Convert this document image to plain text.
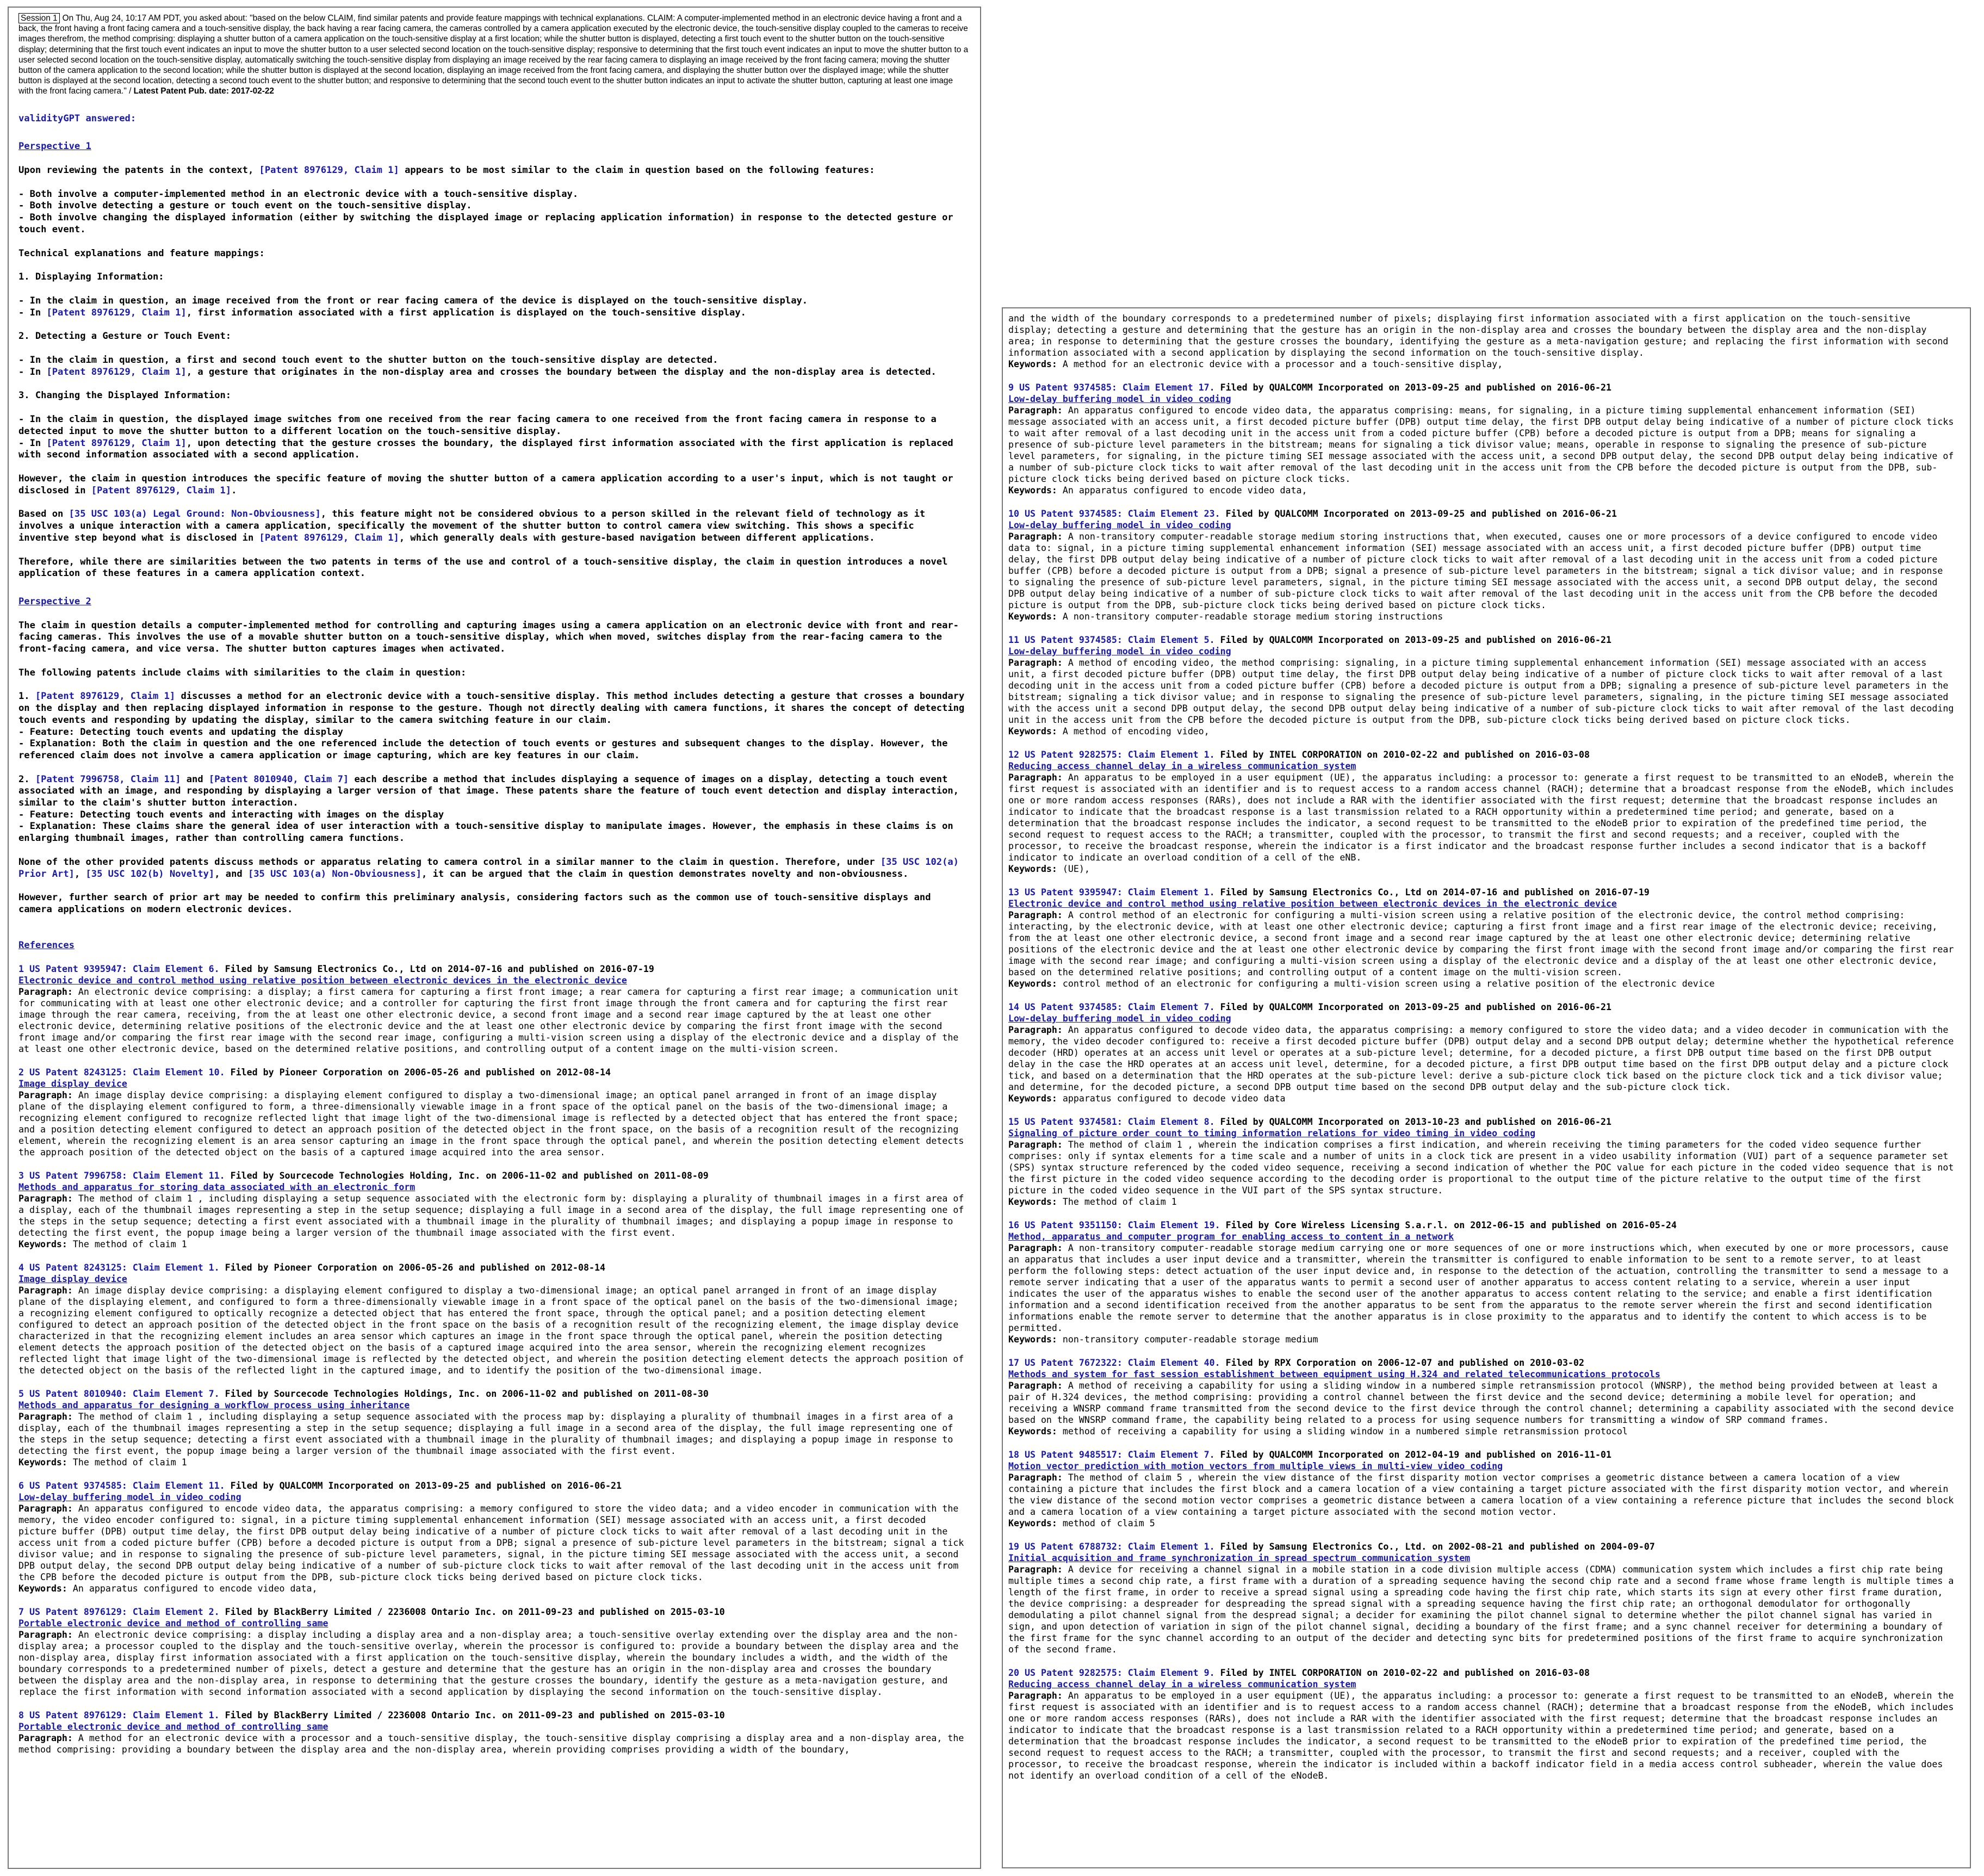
Session 1 On Thu, Aug 24, 10:17 AM PDT, you asked about: "based on the below CLAIM, find similar patents and provide feature mappings with technical explanations. CLAIM: A computer-implemented method in an electronic device having a front and a back, the front having a front facing camera and a touch-sensitive display, the back having a rear facing camera, the cameras controlled by a camera application executed by the electronic device, the touch-sensitive display coupled to the cameras to receive images therefrom, the method comprising: displaying a shutter button of a camera application on the touch-sensitive display at a first location; while the shutter button is displayed, detecting a first touch event to the shutter button on the touch-sensitive display; determining that the first touch event indicates an input to move the shutter button to a user selected second location on the touch-sensitive display; responsive to determining that the first touch event indicates an input to move the shutter button to a user selected second location on the touch-sensitive display, automatically switching the touch-sensitive display from displaying an image received by the rear facing camera to displaying an image received by the front facing camera; moving the shutter button of the camera application to the second location; while the shutter button is displayed at the second location, displaying an image received from the front facing camera, and displaying the shutter button over the displayed image; while the shutter button is displayed at the second location, detecting a second touch event to the shutter button; and responsive to determining that the second touch event to the shutter button indicates an input to activate the shutter button, capturing at least one image with the front facing camera." / Latest Patent Pub. date: 2017-02-22
validityGPT answered:
Perspective 1
Upon reviewing the patents in the context, [Patent 8976129, Claim 1] appears to be most similar to the claim in question based on the following features:
- Both involve a computer-implemented method in an electronic device with a touch-sensitive display.
- Both involve detecting a gesture or touch event on the touch-sensitive display.
- Both involve changing the displayed information (either by switching the displayed image or replacing application information) in response to the detected gesture or touch event.
Technical explanations and feature mappings:
1. Displaying Information:
- In the claim in question, an image received from the front or rear facing camera of the device is displayed on the touch-sensitive display.
- In [Patent 8976129, Claim 1], first information associated with a first application is displayed on the touch-sensitive display.
2. Detecting a Gesture or Touch Event:
- In the claim in question, a first and second touch event to the shutter button on the touch-sensitive display are detected.
- In [Patent 8976129, Claim 1], a gesture that originates in the non-display area and crosses the boundary between the display and the non-display area is detected.
3. Changing the Displayed Information:
- In the claim in question, the displayed image switches from one received from the rear facing camera to one received from the front facing camera in response to a detected input to move the shutter button to a different location on the touch-sensitive display.
- In [Patent 8976129, Claim 1], upon detecting that the gesture crosses the boundary, the displayed first information associated with the first application is replaced with second information associated with a second application.
However, the claim in question introduces the specific feature of moving the shutter button of a camera application according to a user's input, which is not taught or disclosed in [Patent 8976129, Claim 1].
Based on [35 USC 103(a) Legal Ground: Non-Obviousness], this feature might not be considered obvious to a person skilled in the relevant field of technology as it involves a unique interaction with a camera application, specifically the movement of the shutter button to control camera view switching. This shows a specific inventive step beyond what is disclosed in [Patent 8976129, Claim 1], which generally deals with gesture-based navigation between different applications.
Therefore, while there are similarities between the two patents in terms of the use and control of a touch-sensitive display, the claim in question introduces a novel application of these features in a camera application context.
Perspective 2
The claim in question details a computer-implemented method for controlling and capturing images using a camera application on an electronic device with front and rear-facing cameras. This involves the use of a movable shutter button on a touch-sensitive display, which when moved, switches display from the rear-facing camera to the front-facing camera, and vice versa. The shutter button captures images when activated.
The following patents include claims with similarities to the claim in question:
1. [Patent 8976129, Claim 1] discusses a method for an electronic device with a touch-sensitive display. This method includes detecting a gesture that crosses a boundary on the display and then replacing displayed information in response to the gesture. Though not directly dealing with camera functions, it shares the concept of detecting touch events and responding by updating the display, similar to the camera switching feature in our claim.
- Feature: Detecting touch events and updating the display
- Explanation: Both the claim in question and the one referenced include the detection of touch events or gestures and subsequent changes to the display. However, the referenced claim does not involve a camera application or image capturing, which are key features in our claim.
2. [Patent 7996758, Claim 11] and [Patent 8010940, Claim 7] each describe a method that includes displaying a sequence of images on a display, detecting a touch event associated with an image, and responding by displaying a larger version of that image. These patents share the feature of touch event detection and display interaction, similar to the claim's shutter button interaction.
- Feature: Detecting touch events and interacting with images on the display
- Explanation: These claims share the general idea of user interaction with a touch-sensitive display to manipulate images. However, the emphasis in these claims is on enlarging thumbnail images, rather than controlling camera functions.
None of the other provided patents discuss methods or apparatus relating to camera control in a similar manner to the claim in question. Therefore, under [35 USC 102(a) Prior Art], [35 USC 102(b) Novelty], and [35 USC 103(a) Non-Obviousness], it can be argued that the claim in question demonstrates novelty and non-obviousness.
However, further search of prior art may be needed to confirm this preliminary analysis, considering factors such as the common use of touch-sensitive displays and camera applications on modern electronic devices.
References
1 US Patent 9395947: Claim Element 6. Filed by Samsung Electronics Co., Ltd on 2014-07-16 and published on 2016-07-19
Electronic device and control method using relative position between electronic devices in the electronic device
Paragraph: An electronic device comprising: a display; a first camera for capturing a first front image; a rear camera for capturing a first rear image; a communication unit for communicating with at least one other electronic device; and a controller for capturing the first front image through the front camera and for capturing the first rear image through the rear camera, receiving, from the at least one other electronic device, a second front image and a second rear image captured by the at least one other electronic device, determining relative positions of the electronic device and the at least one other electronic device by comparing the first front image with the second front image and/or comparing the first rear image with the second rear image, configuring a multi-vision screen using a display of the electronic device and a display of the at least one other electronic device, based on the determined relative positions, and controlling output of a content image on the multi-vision screen.
2 US Patent 8243125: Claim Element 10. Filed by Pioneer Corporation on 2006-05-26 and published on 2012-08-14
Image display device
Paragraph: An image display device comprising: a displaying element configured to display a two-dimensional image; an optical panel arranged in front of an image display plane of the displaying element configured to form, a three-dimensionally viewable image in a front space of the optical panel on the basis of the two-dimensional image; a recognizing element configured to recognize reflected light that image light of the two-dimensional image is reflected by a detected object that has entered the front space; and a position detecting element configured to detect an approach position of the detected object in the front space, on the basis of a recognition result of the recognizing element, wherein the recognizing element is an area sensor capturing an image in the front space through the optical panel, and wherein the position detecting element detects the approach position of the detected object on the basis of a captured image acquired into the area sensor.
3 US Patent 7996758: Claim Element 11. Filed by Sourcecode Technologies Holding, Inc. on 2006-11-02 and published on 2011-08-09
Methods and apparatus for storing data associated with an electronic form
Paragraph: The method of claim 1 , including displaying a setup sequence associated with the electronic form by: displaying a plurality of thumbnail images in a first area of a display, each of the thumbnail images representing a step in the setup sequence; displaying a full image in a second area of the display, the full image representing one of the steps in the setup sequence; detecting a first event associated with a thumbnail image in the plurality of thumbnail images; and displaying a popup image in response to detecting the first event, the popup image being a larger version of the thumbnail image associated with the first event.
Keywords: The method of claim 1
4 US Patent 8243125: Claim Element 1. Filed by Pioneer Corporation on 2006-05-26 and published on 2012-08-14
Image display device
Paragraph: An image display device comprising: a displaying element configured to display a two-dimensional image; an optical panel arranged in front of an image display plane of the displaying element, and configured to form a three-dimensionally viewable image in a front space of the optical panel on the basis of the two-dimensional image; a recognizing element configured to optically recognize a detected object that has entered the front space, through the optical panel; and a position detecting element configured to detect an approach position of the detected object in the front space on the basis of a recognition result of the recognizing element, the image display device characterized in that the recognizing element includes an area sensor which captures an image in the front space through the optical panel, wherein the position detecting element detects the approach position of the detected object on the basis of a captured image acquired into the area sensor, wherein the recognizing element recognizes reflected light that image light of the two-dimensional image is reflected by the detected object, and wherein the position detecting element detects the approach position of the detected object on the basis of the reflected light in the captured image, and to identify the position of the two-dimensional image.
5 US Patent 8010940: Claim Element 7. Filed by Sourcecode Technologies Holdings, Inc. on 2006-11-02 and published on 2011-08-30
Methods and apparatus for designing a workflow process using inheritance
Paragraph: The method of claim 1 , including displaying a setup sequence associated with the process map by: displaying a plurality of thumbnail images in a first area of a display, each of the thumbnail images representing a step in the setup sequence; displaying a full image in a second area of the display, the full image representing one of the steps in the setup sequence; detecting a first event associated with a thumbnail image in the plurality of thumbnail images; and displaying a popup image in response to detecting the first event, the popup image being a larger version of the thumbnail image associated with the first event.
Keywords: The method of claim 1
6 US Patent 9374585: Claim Element 11. Filed by QUALCOMM Incorporated on 2013-09-25 and published on 2016-06-21
Low-delay buffering model in video coding
Paragraph: An apparatus configured to encode video data, the apparatus comprising: a memory configured to store the video data; and a video encoder in communication with the memory, the video encoder configured to: signal, in a picture timing supplemental enhancement information (SEI) message associated with an access unit, a first decoded picture buffer (DPB) output time delay, the first DPB output delay being indicative of a number of picture clock ticks to wait after removal of a last decoding unit in the access unit from a coded picture buffer (CPB) before a decoded picture is output from a DPB; signal a presence of sub-picture level parameters in the bitstream; signal a tick divisor value; and in response to signaling the presence of sub-picture level parameters, signal, in the picture timing SEI message associated with the access unit, a second DPB output delay, the second DPB output delay being indicative of a number of sub-picture clock ticks to wait after removal of the last decoding unit in the access unit from the CPB before the decoded picture is output from the DPB, sub-picture clock ticks being derived based on picture clock ticks.
Keywords: An apparatus configured to encode video data,
7 US Patent 8976129: Claim Element 2. Filed by BlackBerry Limited / 2236008 Ontario Inc. on 2011-09-23 and published on 2015-03-10
Portable electronic device and method of controlling same
Paragraph: An electronic device comprising: a display including a display area and a non-display area; a touch-sensitive overlay extending over the display area and the non-display area; a processor coupled to the display and the touch-sensitive overlay, wherein the processor is configured to: provide a boundary between the display area and the non-display area, display first information associated with a first application on the touch-sensitive display, wherein the boundary includes a width, and the width of the boundary corresponds to a predetermined number of pixels, detect a gesture and determine that the gesture has an origin in the non-display area and crosses the boundary between the display area and the non-display area, in response to determining that the gesture crosses the boundary, identify the gesture as a meta-navigation gesture, and replace the first information with second information associated with a second application by displaying the second information on the touch-sensitive display.
8 US Patent 8976129: Claim Element 1. Filed by BlackBerry Limited / 2236008 Ontario Inc. on 2011-09-23 and published on 2015-03-10
Portable electronic device and method of controlling same
Paragraph: A method for an electronic device with a processor and a touch-sensitive display, the touch-sensitive display comprising a display area and a non-display area, the method comprising: providing a boundary between the display area and the non-display area, wherein providing comprises providing a width of the boundary,
and the width of the boundary corresponds to a predetermined number of pixels; displaying first information associated with a first application on the touch-sensitive display; detecting a gesture and determining that the gesture has an origin in the non-display area and crosses the boundary between the display area and the non-display area; in response to determining that the gesture crosses the boundary, identifying the gesture as a meta-navigation gesture; and replacing the first information with second information associated with a second application by displaying the second information on the touch-sensitive display.
Keywords: A method for an electronic device with a processor and a touch-sensitive display,
9 US Patent 9374585: Claim Element 17. Filed by QUALCOMM Incorporated on 2013-09-25 and published on 2016-06-21
Low-delay buffering model in video coding
Paragraph: An apparatus configured to encode video data, the apparatus comprising: means, for signaling, in a picture timing supplemental enhancement information (SEI) message associated with an access unit, a first decoded picture buffer (DPB) output time delay, the first DPB output delay being indicative of a number of picture clock ticks to wait after removal of a last decoding unit in the access unit from a coded picture buffer (CPB) before a decoded picture is output from a DPB; means for signaling a presence of sub-picture level parameters in the bitstream; means for signaling a tick divisor value; means, operable in response to signaling the presence of sub-picture level parameters, for signaling, in the picture timing SEI message associated with the access unit, a second DPB output delay, the second DPB output delay being indicative of a number of sub-picture clock ticks to wait after removal of the last decoding unit in the access unit from the CPB before the decoded picture is output from the DPB, sub-picture clock ticks being derived based on picture clock ticks.
Keywords: An apparatus configured to encode video data,
10 US Patent 9374585: Claim Element 23. Filed by QUALCOMM Incorporated on 2013-09-25 and published on 2016-06-21
Low-delay buffering model in video coding
Paragraph: A non-transitory computer-readable storage medium storing instructions that, when executed, causes one or more processors of a device configured to encode video data to: signal, in a picture timing supplemental enhancement information (SEI) message associated with an access unit, a first decoded picture buffer (DPB) output time delay, the first DPB output delay being indicative of a number of picture clock ticks to wait after removal of a last decoding unit in the access unit from a coded picture buffer (CPB) before a decoded picture is output from a DPB; signal a presence of sub-picture level parameters in the bitstream; signal a tick divisor value; and in response to signaling the presence of sub-picture level parameters, signal, in the picture timing SEI message associated with the access unit, a second DPB output delay, the second DPB output delay being indicative of a number of sub-picture clock ticks to wait after removal of the last decoding unit in the access unit from the CPB before the decoded picture is output from the DPB, sub-picture clock ticks being derived based on picture clock ticks.
Keywords: A non-transitory computer-readable storage medium storing instructions
11 US Patent 9374585: Claim Element 5. Filed by QUALCOMM Incorporated on 2013-09-25 and published on 2016-06-21
Low-delay buffering model in video coding
Paragraph: A method of encoding video, the method comprising: signaling, in a picture timing supplemental enhancement information (SEI) message associated with an access unit, a first decoded picture buffer (DPB) output time delay, the first DPB output delay being indicative of a number of picture clock ticks to wait after removal of a last decoding unit in the access unit from a coded picture buffer (CPB) before a decoded picture is output from a DPB; signaling a presence of sub-picture level parameters in the bitstream; signaling a tick divisor value; and in response to signaling the presence of sub-picture level parameters, signaling, in the picture timing SEI message associated with the access unit a second DPB output delay, the second DPB output delay being indicative of a number of sub-picture clock ticks to wait after removal of the last decoding unit in the access unit from the CPB before the decoded picture is output from the DPB, sub-picture clock ticks being derived based on picture clock ticks.
Keywords: A method of encoding video,
12 US Patent 9282575: Claim Element 1. Filed by INTEL CORPORATION on 2010-02-22 and published on 2016-03-08
Reducing access channel delay in a wireless communication system
Paragraph: An apparatus to be employed in a user equipment (UE), the apparatus including: a processor to: generate a first request to be transmitted to an eNodeB, wherein the first request is associated with an identifier and is to request access to a random access channel (RACH); determine that a broadcast response from the eNodeB, which includes one or more random access responses (RARs), does not include a RAR with the identifier associated with the first request; determine that the broadcast response includes an indicator to indicate that the broadcast response is a last transmission related to a RACH opportunity within a predetermined time period; and generate, based on a determination that the broadcast response includes the indicator, a second request to be transmitted to the eNodeB prior to expiration of the predefined time period, the second request to request access to the RACH; a transmitter, coupled with the processor, to transmit the first and second requests; and a receiver, coupled with the processor, to receive the broadcast response, wherein the indicator is a first indicator and the broadcast response further includes a second indicator that is a backoff indicator to indicate an overload condition of a cell of the eNB.
Keywords: (UE),
13 US Patent 9395947: Claim Element 1. Filed by Samsung Electronics Co., Ltd on 2014-07-16 and published on 2016-07-19
Electronic device and control method using relative position between electronic devices in the electronic device
Paragraph: A control method of an electronic for configuring a multi-vision screen using a relative position of the electronic device, the control method comprising: interacting, by the electronic device, with at least one other electronic device; capturing a first front image and a first rear image of the electronic device; receiving, from the at least one other electronic device, a second front image and a second rear image captured by the at least one other electronic device; determining relative positions of the electronic device and the at least one other electronic device by comparing the first front image with the second front image and/or comparing the first rear image with the second rear image; and configuring a multi-vision screen using a display of the electronic device and a display of the at least one other electronic device, based on the determined relative positions; and controlling output of a content image on the multi-vision screen.
Keywords: control method of an electronic for configuring a multi-vision screen using a relative position of the electronic device
14 US Patent 9374585: Claim Element 7. Filed by QUALCOMM Incorporated on 2013-09-25 and published on 2016-06-21
Low-delay buffering model in video coding
Paragraph: An apparatus configured to decode video data, the apparatus comprising: a memory configured to store the video data; and a video decoder in communication with the memory, the video decoder configured to: receive a first decoded picture buffer (DPB) output delay and a second DPB output delay; determine whether the hypothetical reference decoder (HRD) operates at an access unit level or operates at a sub-picture level; determine, for a decoded picture, a first DPB output time based on the first DPB output delay in the case the HRD operates at an access unit level, determine, for a decoded picture, a first DPB output time based on the first DPB output delay and a picture clock tick, and based on a determination that the HRD operates at the sub-picture level: derive a sub-picture clock tick based on the picture clock tick and a tick divisor value; and determine, for the decoded picture, a second DPB output time based on the second DPB output delay and the sub-picture clock tick.
Keywords: apparatus configured to decode video data
15 US Patent 9374581: Claim Element 8. Filed by QUALCOMM Incorporated on 2013-10-23 and published on 2016-06-21
Signaling of picture order count to timing information relations for video timing in video coding
Paragraph: The method of claim 1 , wherein the indication comprises a first indication, and wherein receiving the timing parameters for the coded video sequence further comprises: only if syntax elements for a time scale and a number of units in a clock tick are present in a video usability information (VUI) part of a sequence parameter set (SPS) syntax structure referenced by the coded video sequence, receiving a second indication of whether the POC value for each picture in the coded video sequence that is not the first picture in the coded video sequence according to the decoding order is proportional to the output time of the picture relative to the output time of the first picture in the coded video sequence in the VUI part of the SPS syntax structure.
Keywords: The method of claim 1
16 US Patent 9351150: Claim Element 19. Filed by Core Wireless Licensing S.a.r.l. on 2012-06-15 and published on 2016-05-24
Method, apparatus and computer program for enabling access to content in a network
Paragraph: A non-transitory computer-readable storage medium carrying one or more sequences of one or more instructions which, when executed by one or more processors, cause an apparatus that includes a user input device and a transmitter, wherein the transmitter is configured to enable information to be sent to a remote server, to at least perform the following steps: detect actuation of the user input device and, in response to the detection of the actuation, controlling the transmitter to send a message to a remote server indicating that a user of the apparatus wants to permit a second user of another apparatus to access content relating to a service, wherein a user input indicates the user of the apparatus wishes to enable the second user of the another apparatus to access content relating to the service; and enable a first identification information and a second identification received from the another apparatus to be sent from the apparatus to the remote server wherein the first and second identification informations enable the remote server to determine that the another apparatus is in close proximity to the apparatus and to identify the content to which access is to be permitted.
Keywords: non-transitory computer-readable storage medium
17 US Patent 7672322: Claim Element 40. Filed by RPX Corporation on 2006-12-07 and published on 2010-03-02
Methods and system for fast session establishment between equipment using H.324 and related telecommunications protocols
Paragraph: A method of receiving a capability for using a sliding window in a numbered simple retransmission protocol (WNSRP), the method being provided between at least a pair of H.324 devices, the method comprising: providing a control channel between the first device and the second device; determining a mobile level for operation; and receiving a WNSRP command frame transmitted from the second device to the first device through the control channel; determining a capability associated with the second device based on the WNSRP command frame, the capability being related to a process for using sequence numbers for transmitting a window of SRP command frames.
Keywords: method of receiving a capability for using a sliding window in a numbered simple retransmission protocol
18 US Patent 9485517: Claim Element 7. Filed by QUALCOMM Incorporated on 2012-04-19 and published on 2016-11-01
Motion vector prediction with motion vectors from multiple views in multi-view video coding
Paragraph: The method of claim 5 , wherein the view distance of the first disparity motion vector comprises a geometric distance between a camera location of a view containing a picture that includes the first block and a camera location of a view containing a target picture associated with the first disparity motion vector, and wherein the view distance of the second motion vector comprises a geometric distance between a camera location of a view containing a reference picture that includes the second block and a camera location of a view containing a target picture associated with the second motion vector.
Keywords: method of claim 5
19 US Patent 6788732: Claim Element 1. Filed by Samsung Electronics Co., Ltd. on 2002-08-21 and published on 2004-09-07
Initial acquisition and frame synchronization in spread spectrum communication system
Paragraph: A device for receiving a channel signal in a mobile station in a code division multiple access (CDMA) communication system which includes a first chip rate being multiple times a second chip rate, a first frame with a duration of a spreading sequence having the second chip rate and a second frame whose frame length is multiple times a length of the first frame, in order to receive a spread signal using a spreading code having the first chip rate, which starts its sign at every other first frame duration, the device comprising: a despreader for despreading the spread signal with a spreading sequence having the first chip rate; an orthogonal demodulator for orthogonally demodulating a pilot channel signal from the despread signal; a decider for examining the pilot channel signal to determine whether the pilot channel signal has varied in sign, and upon detection of variation in sign of the pilot channel signal, deciding a boundary of the first frame; and a sync channel receiver for determining a boundary of the first frame for the sync channel according to an output of the decider and detecting sync bits for predetermined positions of the first frame to acquire synchronization of the second frame.
20 US Patent 9282575: Claim Element 9. Filed by INTEL CORPORATION on 2010-02-22 and published on 2016-03-08
Reducing access channel delay in a wireless communication system
Paragraph: An apparatus to be employed in a user equipment (UE), the apparatus including: a processor to: generate a first request to be transmitted to an eNodeB, wherein the first request is associated with an identifier and is to request access to a random access channel (RACH); determine that a broadcast response from the eNodeB, which includes one or more random access responses (RARs), does not include a RAR with the identifier associated with the first request; determine that the broadcast response includes an indicator to indicate that the broadcast response is a last transmission related to a RACH opportunity within a predetermined time period; and generate, based on a determination that the broadcast response includes the indicator, a second request to be transmitted to the eNodeB prior to expiration of the predefined time period, the second request to request access to the RACH; a transmitter, coupled with the processor, to transmit the first and second requests; and a receiver, coupled with the processor, to receive the broadcast response, wherein the indicator is included within a backoff indicator field in a media access control subheader, wherein the value does not identify an overload condition of a cell of the eNodeB.
